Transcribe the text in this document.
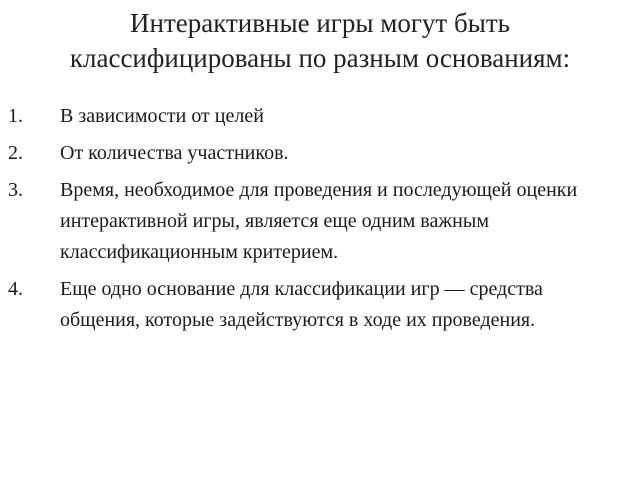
Интерактивные игры могут быть
классифицированы по разным основаниям:
1. В зависимости от целей
2. От количества участников.
3. Время, необходимое для проведения и последующей оценки интерактивной игры, является еще одним важным классификационным критерием.
4. Еще одно основание для классификации игр — средства общения, которые задействуются в ходе их проведения.
